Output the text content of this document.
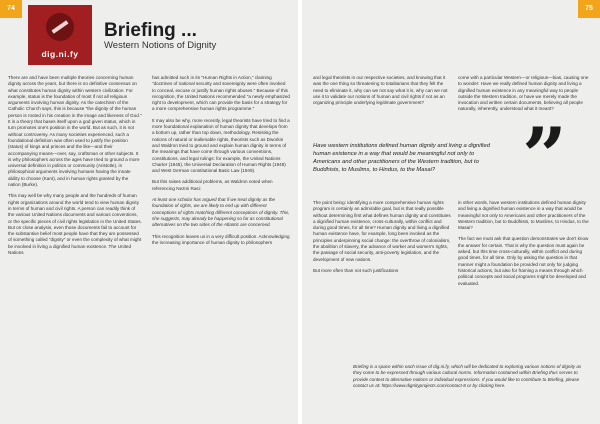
74	75
dig.ni.fy
Briefing ...
Western Notions of Dignity

There are and have been multiple theories concerning human dignity across the years, but there is no definitive consensus on what constitutes human dignity within western civilization. For example, status is the foundation of most if not all religious arguments involving human dignity. As the catechism of the Catholic Church says, this is because "the dignity of the human person is rooted in his creation in the image and likeness of God." It is a theory that bases itself upon a god given status, which in turn promotes one's position in the world. But as such, it is not without controversy. As many societies experienced, such a foundational definition was often used to justify the position (status) of kings and princes and the like—and their accompanying means—over, say, craftsman or other subjects. It is why philosophers across the ages have tried to ground a more universal definition in politics or community (Aristotle), in philosophical arguments involving humans having the innate ability to choose (Kant), and in human rights granted by the nation (Burke).

This may well be why many people and the hundreds of human rights organizations around the world tend to view human dignity in terms of human and civil rights. A person can readily think of the various United Nations documents and various conventions, or the specific pieces of civil rights legislation in the United States. But on close analysis, even those documents fail to account for the substantive belief most people have that they are possessed of something called "dignity" or even the complexity of what might be involved in living a dignified human existence. The United Nations

has admitted such in its "Human Rights in Action," claiming "doctrines of national security and sovereignty were often invoked to conceal, excuse or justify human rights abuses." Because of this recognition, the United Nations recommended "a newly emphasized right to development, which can provide the basis for a strategy for a more comprehensive human rights programme."

It may also be why, more recently, legal theorists have tried to find a more foundational explanation of human dignity that develops from a bottom up, rather than top down, methodology. Resisting the notions of natural or inalienable rights, theorists such as Dworkin and Waldron tried to ground and explain human dignity in terms of the meanings that have come through various conventions, constitutions, and legal rulings: for example, the United Nations Charter (1945), the Universal Declaration of Human Rights (1948) and West German constitutional Basic Law (1949).

But this raises additional problems, as Waldron noted when referencing Nezmi Rasi:

At least one scholar has argued that if we treat dignity as the foundation of rights, we are likely to end up with different conceptions of rights matching different conceptions of dignity. This, she suggests, may already be happening so far as constitutional alternatives on the two sides of the Atlantic are concerned.

This recognition leaves us in a very difficult position. Acknowledging the increasing importance of human dignity to philosophers

and legal theorists in our respective societies, and knowing that it was the one thing so threatening to totalitarians that they felt the need to eliminate it, why can we not say what it is, why can we not use it to validate our notions of human and civil rights if not as an organizing principle underlying legitimate government?

come with a particular Western—or religious—bias, causing one to wonder: Have we really defined human dignity and living a dignified human existence in any meaningful way to people outside the Western tradition, or have we merely made the invocation and written certain documents, believing all people naturally, inherently, understood what it meant?

Have western institutions defined human dignity and living a dignified human existence in a way that would be meaningful not only to Americans and other practitioners of the Western tradition, but to Buddhists, to Muslims, to Hindus, to the Masai?	”

The point being: identifying a more comprehensive human rights program is certainly an admirable goal, but is that really possible without determining first what defines human dignity and constitutes a dignified human existence, cross-culturally, within conflict and during good times, for all time? Human dignity and living a dignified human existence have, for example, long been invoked as the principles underpinning social change: the overthrow of colonialism, the abolition of slavery, the advance of worker and women's rights, the passage of social security, anti-poverty legislation, and the development of new nations.

But more often than not such justifications

in other words, have western institutions defined human dignity and living a dignified human existence in a way that would be meaningful not only to Americans and other practitioners of the Western tradition, but to Buddhists, to Muslims, to Hindus, to the Masai?

The fact we must ask that question demonstrates we don't know the answer for certain. That is why the question must again be asked, but this time cross-culturally, within conflict and during good times, for all time. Only by asking the question in that manner might a foundation be provided not only for judging historical actions, but also for framing a means through which political concepts and social programs might be developed and evaluated.

Briefing is a space within each issue of dig.ni.fy, which will be dedicated to exploring various notions of dignity as they come to be expressed through various cultural norms. Information contained within Briefing thus serves to provide context to alternative notions or individual expressions. If you would like to contribute to Briefing, please contact us at: https://www.dignityprojects.com/contact-8 or by clicking here.
